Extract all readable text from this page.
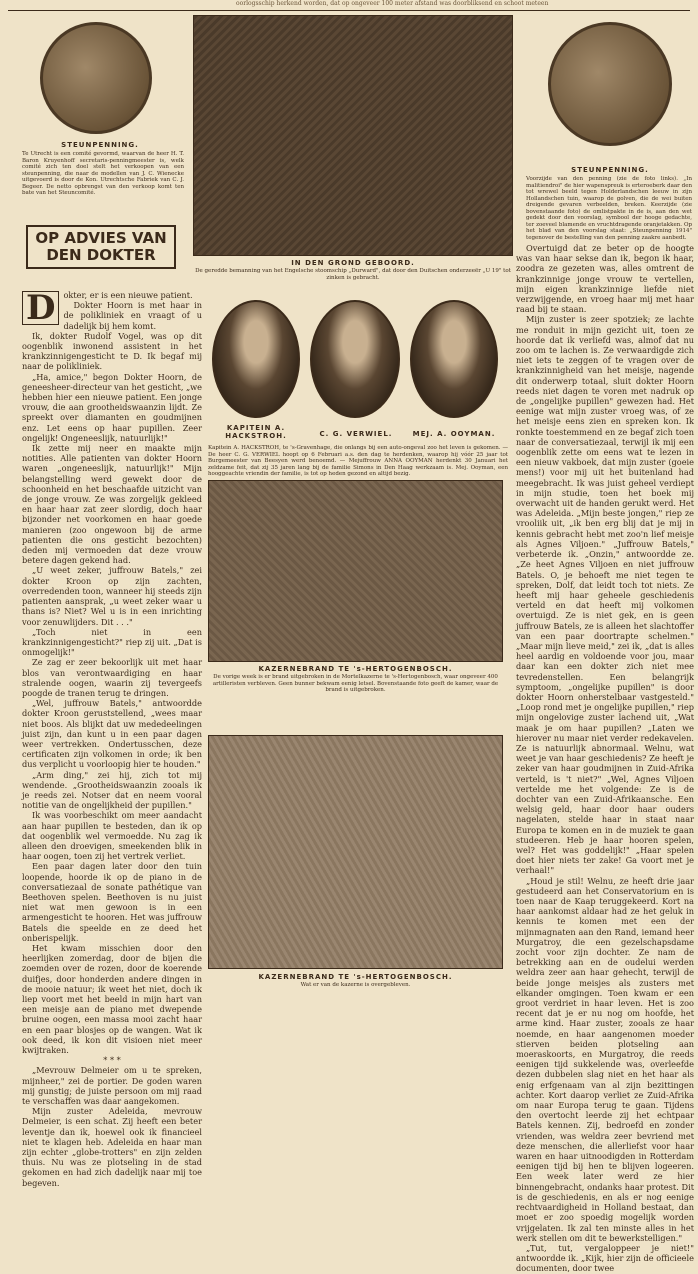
oorlogsschip herkend worden, dat op ongeveer 100 meter afstand was doorbliksend en schoot meteen
STEUNPENNING.
Te Utrecht is een comité gevormd, waarvan de heer H. T. Baron Kruyenhoff secretaris-penningmeester is, welk comité zich ten doel stelt het verkoopen van een steunpenning, die naar de modellen van J. C. Wienecke uitgevoerd is door de Kon. Utrechtsche Fabriek van C. J. Begeer. De netto opbrengst van den verkoop komt ten bate van het Steuncomité.
IN DEN GROND GEBOORD.
De geredde bemanning van het Engelsche stoomschip „Durward", dat door den Duitschen onderzeeër „U 19" tot zinken is gebracht.
STEUNPENNING.
Voorzijde van den penning (zie de foto links). „In malitiendroi" de hier wapenspreuk is erteroeberk daar den tot wrewel beeld tegen Holderlandschen leeuw in zijn Hollandschen tuin, waarop de golven, die de wei buiten dreigende gevaren verbeelden, breken. Keerzijde (zie bovenstaande foto) de omlistpakte in de is, aan den wet gedekt door den voorslag, symbool der hooge gedachte, ter zoeveel blamende en vruchtdragende oranjetakken. Op het blad van den voorslag staat: „Steunpenning 1914" tegenover de bestelling van den penning zaakre aanbedt.
OP ADVIES VAN DEN DOKTER
D okter, er is een nieuwe patient.

Dokter Hoorn is met haar in de polikliniek en vraagt of u dadelijk bij hem komt.

Ik, dokter Rudolf Vogel, was op dit oogenblik inwonend assistent in het krankzinnigengesticht te D. Ik begaf mij naar de polikliniek.

„Ha, amice," begon Dokter Hoorn, de geneesheer-directeur van het gesticht, „we hebben hier een nieuwe patient. Een jonge vrouw, die aan grootheidswaanzin lijdt. Ze spreekt over diamanten en goudmijnen enz. Let eens op haar pupillen. Zeer ongelijk! Ongeneeslijk, natuurlijk!"

Ik zette mij neer en maakte mijn notities. Alle patienten van dokter Hoorn waren „ongeneeslijk, natuurlijk!" Mijn belangstelling werd gewekt door de schoonheid en het beschaafde uitzicht van de jonge vrouw. Ze was zorgelijk gekleed en haar haar zat zeer slordig, doch haar bijzonder net voorkomen en haar goede manieren (zoo ongewoon bij de arme patienten die ons gesticht bezochten) deden mij vermoeden dat deze vrouw betere dagen gekend had.

„U weet zeker, juffrouw Batels," zei dokter Kroon op zijn zachten, overredenden toon, wanneer hij steeds zijn patienten aansprak, „u weet zeker waar u thans is? Niet? Wel u is in een inrichting voor zenuwlijders. Dit . . ."

„Toch niet in een krankzinnigengesticht?" riep zij uit. „Dat is onmogelijk!"

Ze zag er zeer bekoorlijk uit met haar blos van verontwaardiging en haar stralende oogen, waarin zij tevergeefs poogde de tranen terug te dringen.

„Wel, juffrouw Batels," antwoordde dokter Kroon geruststellend, „wees maar niet boos. Als blijkt dat uw mededeelingen juist zijn, dan kunt u in een paar dagen weer vertrekken. Ondertusschen, deze certificaten zijn volkomen in orde; ik ben dus verplicht u voorloopig hier te houden."

„Arm ding," zei hij, zich tot mij wendende. „Grootheidswaanzin zooals ik je reeds zei. Notser dat en neem vooral notitie van de ongelijkheid der pupillen."

Ik was voorbeschikt om meer aandacht aan haar pupillen te besteden, dan ik op dat oogenblik wel vermoedde. Nu zag ik alleen den droevigen, smeekenden blik in haar oogen, toen zij het vertrek verliet.

Een paar dagen later door den tuin loopende, hoorde ik op de piano in de conversatiezaal de sonate pathétique van Beethoven spelen. Beethoven is nu juist niet wat men gewoon is in een armengesticht te hooren. Het was juffrouw Batels die speelde en ze deed het onberispelijk.

Het kwam misschien door den heerlijken zomerdag, door de bijen die zoemden over de rozen, door de koerende duifjes, door honderden andere dingen in de mooie natuur; ik weet het niet, doch ik liep voort met het beeld in mijn hart van een meisje aan de piano met dwepende bruine oogen, een massa mooi zacht haar en een paar blosjes op de wangen. Wat ik ook deed, ik kon dit visioen niet meer kwijtraken.

* * *

„Mevrouw Delmeier om u te spreken, mijnheer," zei de portier. De goden waren mij gunstig; de juiste persoon om mij raad te verschaffen was daar aangekomen.

Mijn zuster Adeleida, mevrouw Delmeier, is een schat. Zij heeft een beter leventje dan ik, hoewel ook ik financieel niet te klagen heb. Adeleida en haar man zijn echter „globe-trotters" en zijn zelden thuis. Nu was ze plotseling in de stad gekomen en had zich dadelijk naar mij toe begeven.

KAPITEIN A. HACKSTROH.	C. G. VERWIEL.	MEJ. A. OOYMAN.
Kapitein A. HACKSTROH, te 's-Gravenhage, die onlangs bij een auto-ongeval zoo het leven is gekomen. — De heer C. G. VERWIEL hoopt op 6 Februari a.s. den dag te herdenken, waarop hij vóór 25 jaar tot Burgemeester van Beesyen werd benoemd. — Mejuffrouw ANNA OOYMAN herdenkt 30 Januari het zeldzame feit, dat zij 35 jaren lang bij de familie Simons in Den Haag werkzaam is. Mej. Ooyman, een hooggeachte vriendin der familie, is tot op heden gezond en altijd bezig.
KAZERNEBRAND TE 's-HERTOGENBOSCH.
De vorige week is er brand uitgebroken in de Mortelkazerne te 's-Hertogenbosch, waar ongeveer 400 artilleristen verbleven. Geen bunner bekwam eenig letsel. Bovenstaande foto geeft de kamer, waar de brand is uitgebroken.
KAZERNEBRAND TE 's-HERTOGENBOSCH.
Wat er van de kazerne is overgebleven.

Overtuigd dat ze beter op de hoogte was van haar sekse dan ik, begon ik haar, zoodra ze gezeten was, alles omtrent de krankzinnige jonge vrouw te vertellen, mijn eigen krankzinnige liefde niet verzwijgende, en vroeg haar mij met haar raad bij te staan.

Mijn zuster is zeer spotziek; ze lachte me ronduit in mijn gezicht uit, toen ze hoorde dat ik verliefd was, almof dat nu zoo om te lachen is. Ze verwaardigde zich niet iets te zeggen of te vragen over de krankzinnigheid van het meisje, nagende dit onderwerp totaal, sluit dokter Hoorn reeds niet dagen te voren met nadruk op de „ongelijke pupillen" gewezen had. Het eenige wat mijn zuster vroeg was, of ze het meisje eens zien en spreken kon. Ik ronkte toestemmend en ze begaf zich toen naar de conversatiezaal, terwijl ik mij een oogenblik zette om eens wat te lezen in een nieuw vakboek, dat mijn zuster (goeie mens!) voor mij uit het buitenland had meegebracht. Ik was juist geheel verdiept in mijn studie, toen het boek mij overwacht uit de handen gerukt werd. Het was Adeleida. „Mijn beste jongen," riep ze vrooliik uit, „ik ben erg blij dat je mij in kennis gebracht hebt met zoo'n lief meisje als Agnes Viljoen." „Juffrouw Batels," verbeterde ik. „Onzin," antwoordde ze. „Ze heet Agnes Viljoen en niet juffrouw Batels. O, je behoeft me niet tegen te spreken, Dolf, dat leidt toch tot niets. Ze heeft mij haar geheele geschiedenis verteld en dat heeft mij volkomen overtuigd. Ze is niet gek, en is geen juffrouw Batels, ze is alleen het slachtoffer van een paar doortrapte schelmen." „Maar mijn lieve meid," zei ik, „dat is alles heel aardig en voldoende voor jou, maar daar kan een dokter zich niet mee tevredenstellen. Een belangrijk symptoom, „ongelijke pupillen" is door dokter Hoorn onherstelbaar vastgesteld." „Loop rond met je ongelijke pupillen," riep mijn ongelovige zuster lachend uit, „Wat maak je om haar pupillen? „Laten we hierover nu maar niet verder redekavelen. Ze is natuurlijk abnormaal. Welnu, wat weet je van haar geschiedenis? Ze heeft je zeker van haar goudmijnen in Zuid-Afrika verteld, is 't niet?" „Wel, Agnes Viljoen vertelde me het volgende: Ze is de dochter van een Zuid-Afrikaansche. Een welsig geld, haar door haar ouders nagelaten, stelde haar in staat naar Europa te komen en in de muziek te gaan studeeren. Heb je haar hooren spelen, wel? Het was goddelijk!" „Haar spelen doet hier niets ter zake! Ga voort met je verhaal!"

„Houd je stil! Welnu, ze heeft drie jaar gestudeerd aan het Conservatorium en is toen naar de Kaap teruggekeerd. Kort na haar aankomst aldaar had ze het geluk in kennis te komen met een der mijnmagnaten aan den Rand, iemand heer Murgatroy, die een gezelschapsdame zocht voor zijn dochter. Ze nam de betrekking aan en de oudelui werden weldra zeer aan haar gehecht, terwijl de beide jonge meisjes als zusters met elkander omgingen. Toen kwam er een groot verdriet in haar leven. Het is zoo recent dat je er nu nog om hoofde, het arme kind. Haar zuster, zooals ze haar noemde, en haar aangenomen moeder stierven beiden plotseling aan moeraskoorts, en Murgatroy, die reeds eenigen tijd sukkelende was, overleefde dezen dubbelen slag niet en het haar als enig erfgenaam van al zijn bezittingen achter. Kort daarop verliet ze Zuid-Afrika om naar Europa terug te gaan. Tijdens den overtocht leerde zij het echtpaar Batels kennen. Zij, bedroefd en zonder vrienden, was weldra zeer bevriend met deze menschen, die allerliefst voor haar waren en haar uitnoodigden in Rotterdam eenigen tijd bij hen te blijven logeeren. Een week later werd ze hier binnengebracht, ondanks haar protest. Dit is de geschiedenis, en als er nog eenige rechtvaardigheid in Holland bestaat, dan moet er zoo spoedig mogelijk worden vrijgelaten. Ik zal ten minste alles in het werk stellen om dit te bewerkstelligen."

„Tut, tut, vergaloppeer je niet!" antwoordde ik. „Kijk, hier zijn de officieele documenten, door twee
